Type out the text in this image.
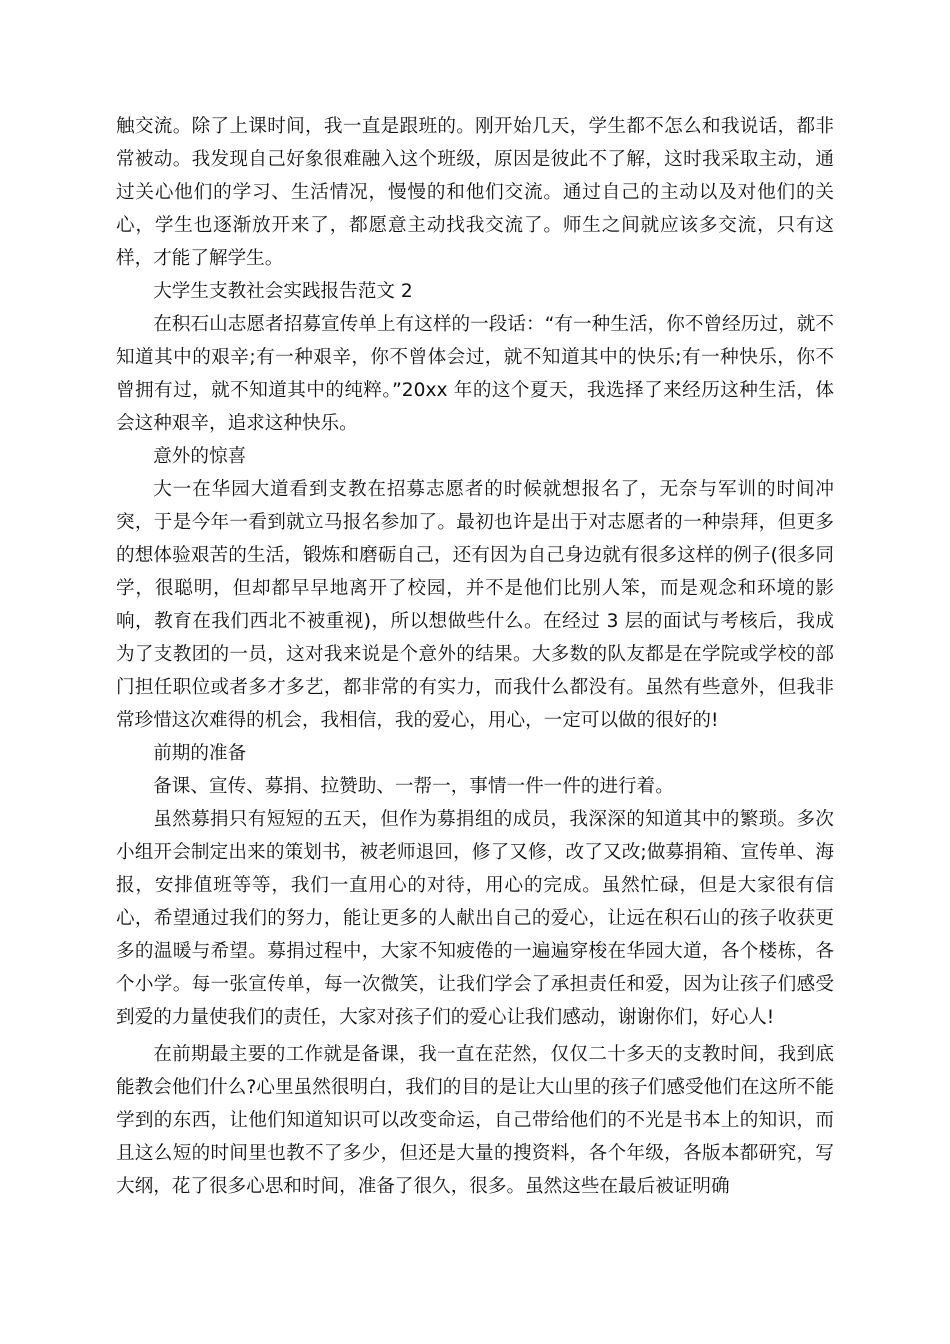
触交流。除了上课时间，我一直是跟班的。刚开始几天，学生都不怎么和我说话，都非常被动。我发现自己好象很难融入这个班级，原因是彼此不了解，这时我采取主动，通过关心他们的学习、生活情况，慢慢的和他们交流。通过自己的主动以及对他们的关心，学生也逐渐放开来了，都愿意主动找我交流了。师生之间就应该多交流，只有这样，才能了解学生。

大学生支教社会实践报告范文 2

在积石山志愿者招募宣传单上有这样的一段话：“有一种生活，你不曾经历过，就不知道其中的艰辛;有一种艰辛，你不曾体会过，就不知道其中的快乐;有一种快乐，你不曾拥有过，就不知道其中的纯粹。”20xx 年的这个夏天，我选择了来经历这种生活，体会这种艰辛，追求这种快乐。

意外的惊喜

大一在华园大道看到支教在招募志愿者的时候就想报名了，无奈与军训的时间冲突，于是今年一看到就立马报名参加了。最初也许是出于对志愿者的一种崇拜，但更多的想体验艰苦的生活，锻炼和磨砺自己，还有因为自己身边就有很多这样的例子(很多同学，很聪明，但却都早早地离开了校园，并不是他们比别人笨，而是观念和环境的影响，教育在我们西北不被重视)，所以想做些什么。在经过 3 层的面试与考核后，我成为了支教团的一员，这对我来说是个意外的结果。大多数的队友都是在学院或学校的部门担任职位或者多才多艺，都非常的有实力，而我什么都没有。虽然有些意外，但我非常珍惜这次难得的机会，我相信，我的爱心，用心，一定可以做的很好的!

前期的准备

备课、宣传、募捐、拉赞助、一帮一，事情一件一件的进行着。

虽然募捐只有短短的五天，但作为募捐组的成员，我深深的知道其中的繁琐。多次小组开会制定出来的策划书，被老师退回，修了又修，改了又改;做募捐箱、宣传单、海报，安排值班等等，我们一直用心的对待，用心的完成。虽然忙碌，但是大家很有信心，希望通过我们的努力，能让更多的人献出自己的爱心，让远在积石山的孩子收获更多的温暖与希望。募捐过程中，大家不知疲倦的一遍遍穿梭在华园大道，各个楼栋，各个小学。每一张宣传单，每一次微笑，让我们学会了承担责任和爱，因为让孩子们感受到爱的力量使我们的责任，大家对孩子们的爱心让我们感动，谢谢你们，好心人!

在前期最主要的工作就是备课，我一直在茫然，仅仅二十多天的支教时间，我到底能教会他们什么?心里虽然很明白，我们的目的是让大山里的孩子们感受他们在这所不能学到的东西，让他们知道知识可以改变命运，自己带给他们的不光是书本上的知识，而且这么短的时间里也教不了多少，但还是大量的搜资料，各个年级，各版本都研究，写大纲，花了很多心思和时间，准备了很久，很多。虽然这些在最后被证明确
